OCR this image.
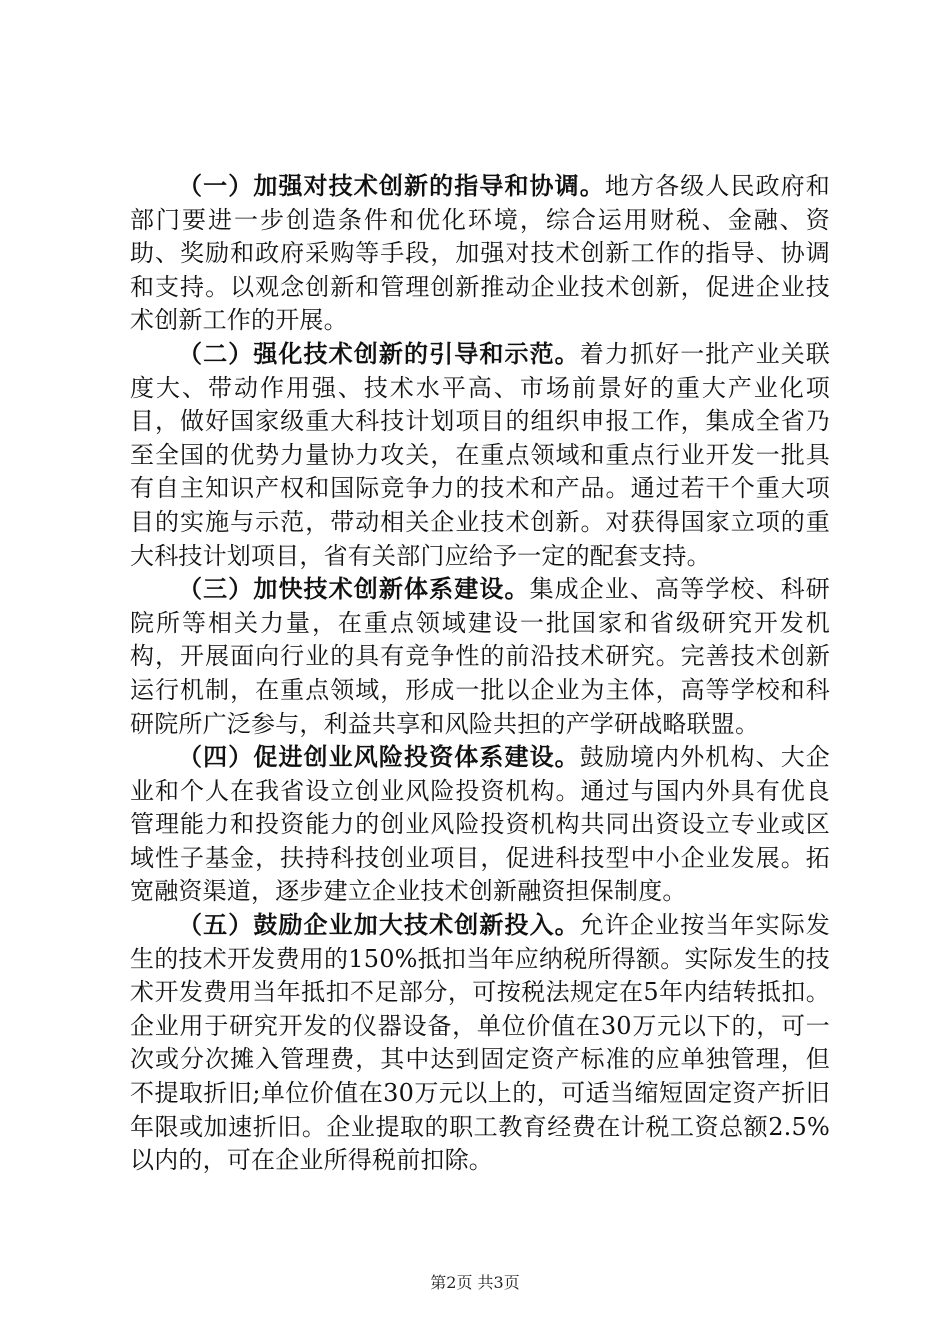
（一）加强对技术创新的指导和协调。地方各级人民政府和部门要进一步创造条件和优化环境，综合运用财税、金融、资助、奖励和政府采购等手段，加强对技术创新工作的指导、协调和支持。以观念创新和管理创新推动企业技术创新，促进企业技术创新工作的开展。

（二）强化技术创新的引导和示范。着力抓好一批产业关联度大、带动作用强、技术水平高、市场前景好的重大产业化项目，做好国家级重大科技计划项目的组织申报工作，集成全省乃至全国的优势力量协力攻关，在重点领域和重点行业开发一批具有自主知识产权和国际竞争力的技术和产品。通过若干个重大项目的实施与示范，带动相关企业技术创新。对获得国家立项的重大科技计划项目，省有关部门应给予一定的配套支持。

（三）加快技术创新体系建设。集成企业、高等学校、科研院所等相关力量，在重点领域建设一批国家和省级研究开发机构，开展面向行业的具有竞争性的前沿技术研究。完善技术创新运行机制，在重点领域，形成一批以企业为主体，高等学校和科研院所广泛参与，利益共享和风险共担的产学研战略联盟。

（四）促进创业风险投资体系建设。鼓励境内外机构、大企业和个人在我省设立创业风险投资机构。通过与国内外具有优良管理能力和投资能力的创业风险投资机构共同出资设立专业或区域性子基金，扶持科技创业项目，促进科技型中小企业发展。拓宽融资渠道，逐步建立企业技术创新融资担保制度。

（五）鼓励企业加大技术创新投入。允许企业按当年实际发生的技术开发费用的150%抵扣当年应纳税所得额。实际发生的技术开发费用当年抵扣不足部分，可按税法规定在5年内结转抵扣。企业用于研究开发的仪器设备，单位价值在30万元以下的，可一次或分次摊入管理费，其中达到固定资产标准的应单独管理，但不提取折旧;单位价值在30万元以上的，可适当缩短固定资产折旧年限或加速折旧。企业提取的职工教育经费在计税工资总额2.5%以内的，可在企业所得税前扣除。

第2页 共3页
